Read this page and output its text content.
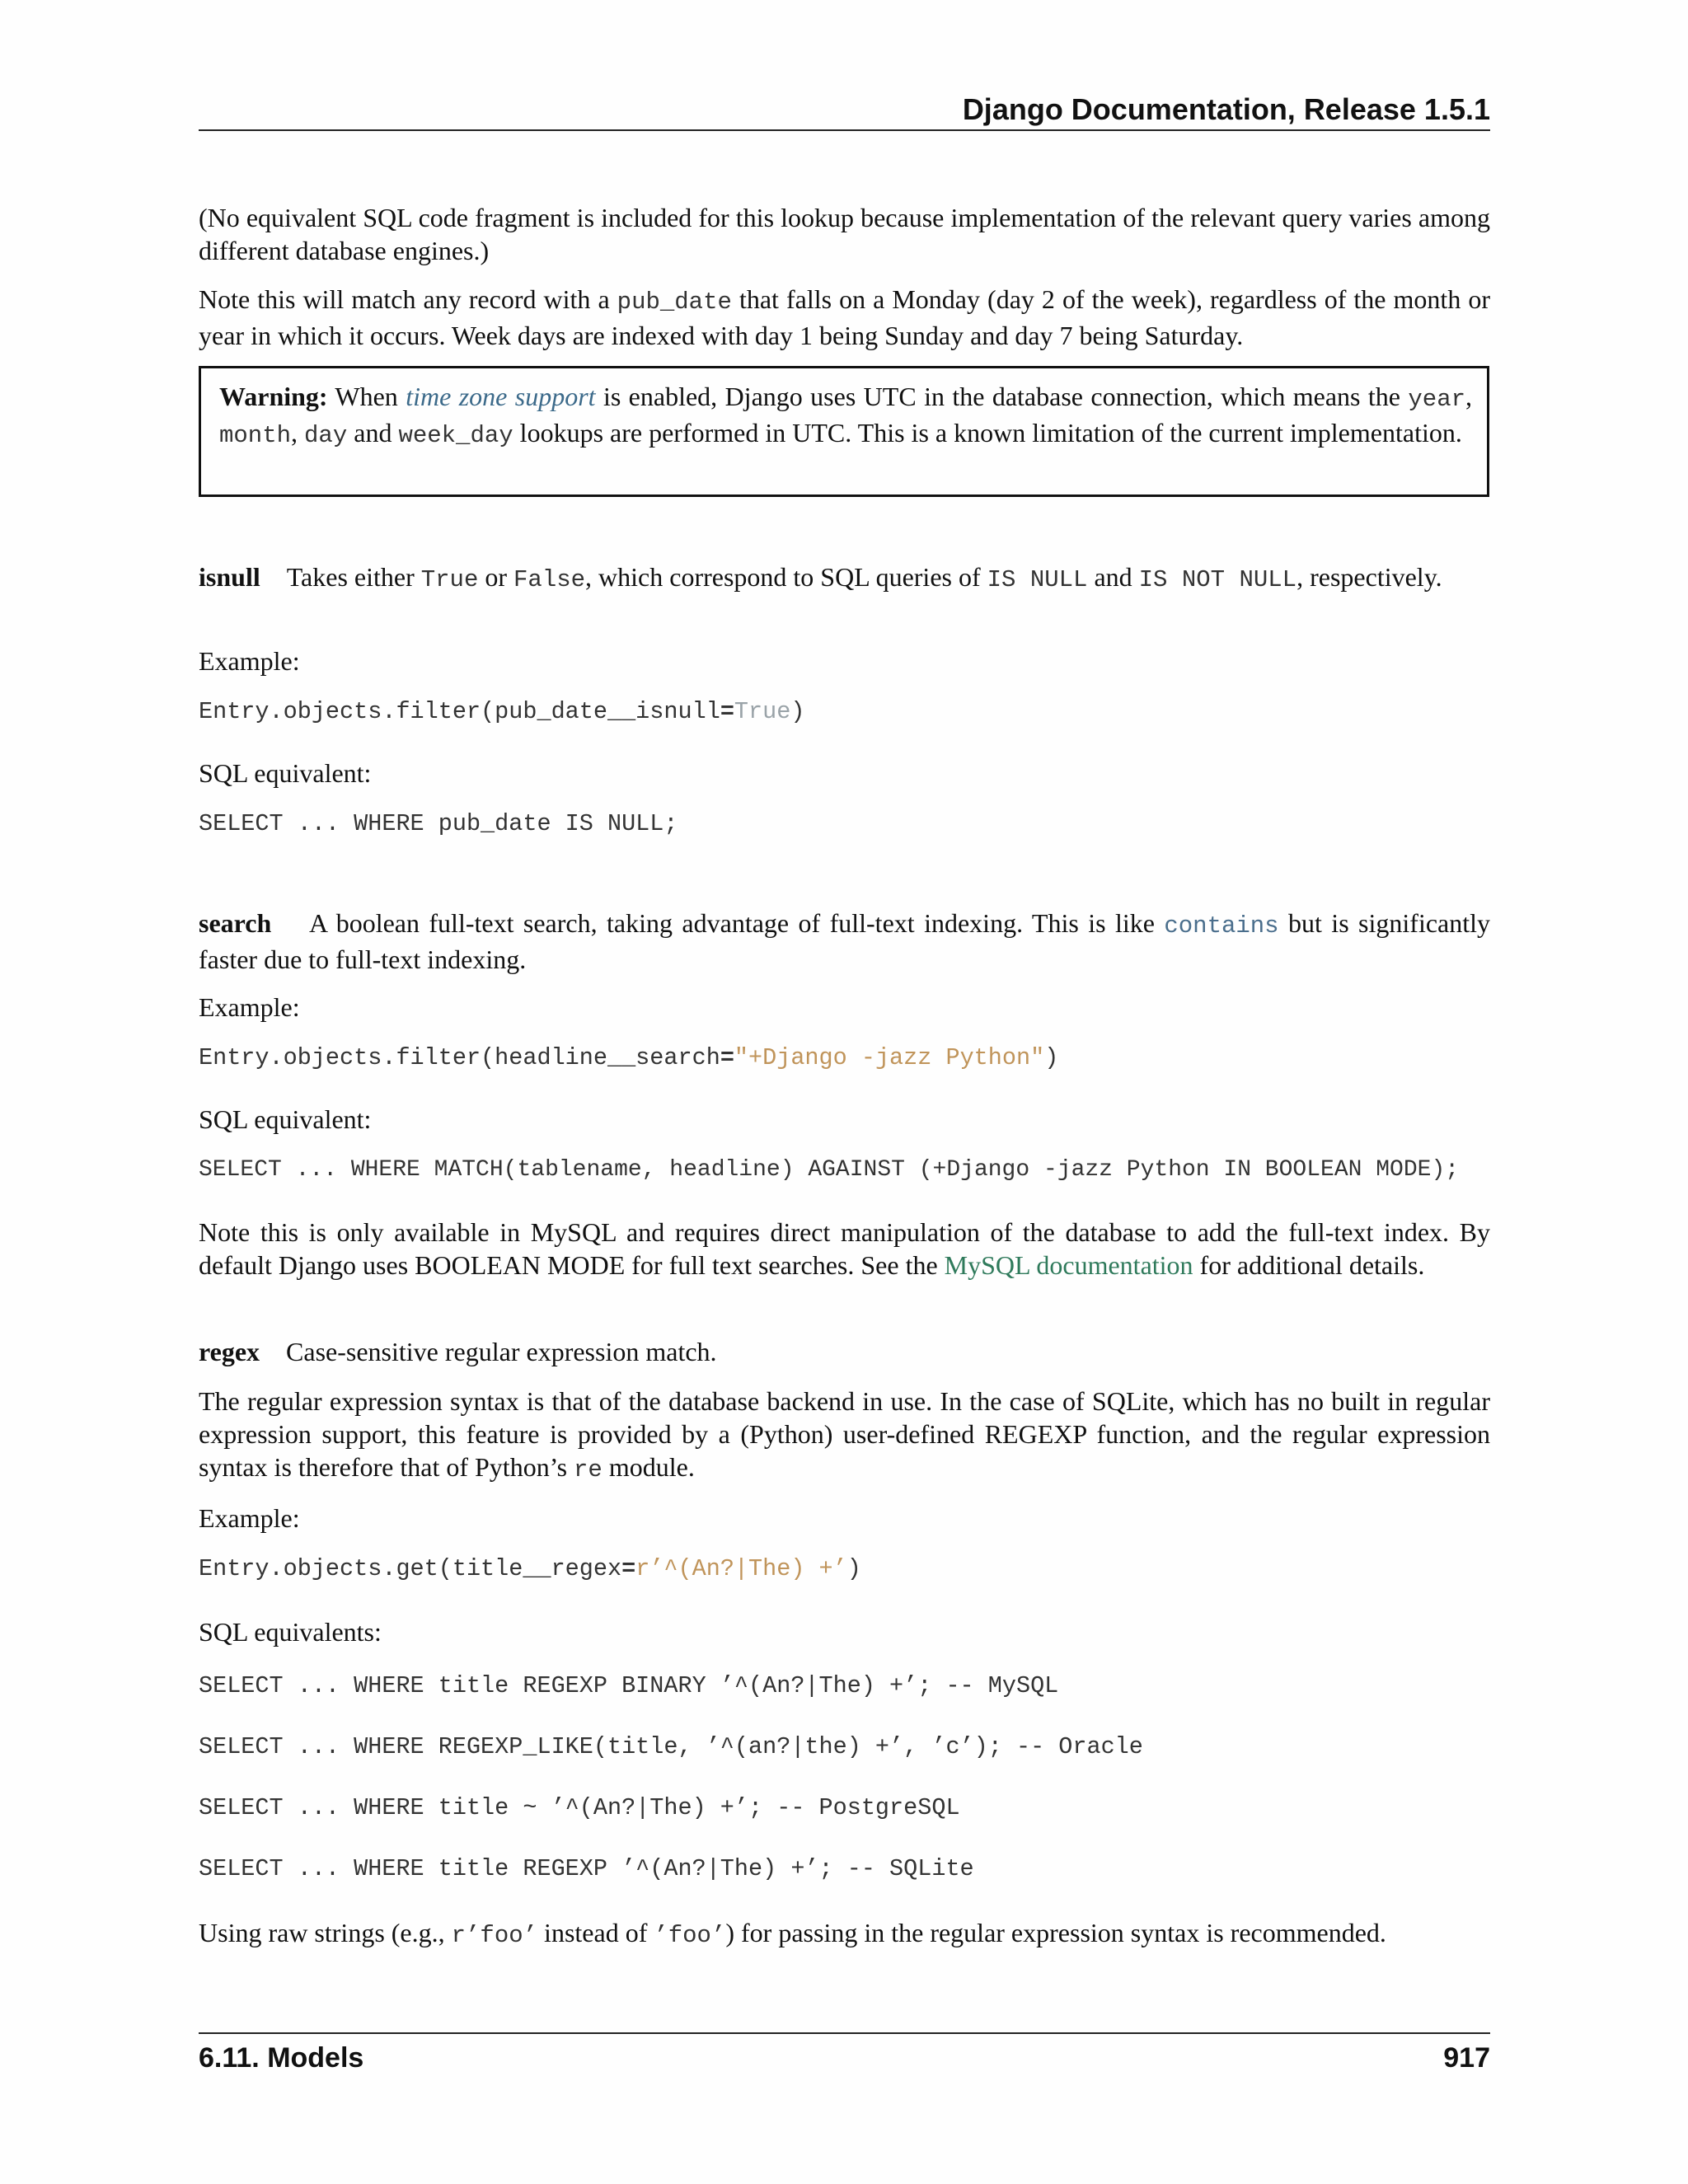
Django Documentation, Release 1.5.1
(No equivalent SQL code fragment is included for this lookup because implementation of the relevant query varies among different database engines.)
Note this will match any record with a pub_date that falls on a Monday (day 2 of the week), regardless of the month or year in which it occurs. Week days are indexed with day 1 being Sunday and day 7 being Saturday.
Warning: When time zone support is enabled, Django uses UTC in the database connection, which means the year, month, day and week_day lookups are performed in UTC. This is a known limitation of the current implementation.
isnull Takes either True or False, which correspond to SQL queries of IS NULL and IS NOT NULL, respectively.
Example:
Entry.objects.filter(pub_date__isnull=True)
SQL equivalent:
SELECT ... WHERE pub_date IS NULL;
search A boolean full-text search, taking advantage of full-text indexing. This is like contains but is significantly faster due to full-text indexing.
Example:
Entry.objects.filter(headline__search="+Django -jazz Python")
SQL equivalent:
SELECT ... WHERE MATCH(tablename, headline) AGAINST (+Django -jazz Python IN BOOLEAN MODE);
Note this is only available in MySQL and requires direct manipulation of the database to add the full-text index. By default Django uses BOOLEAN MODE for full text searches. See the MySQL documentation for additional details.
regex Case-sensitive regular expression match.
The regular expression syntax is that of the database backend in use. In the case of SQLite, which has no built in regular expression support, this feature is provided by a (Python) user-defined REGEXP function, and the regular expression syntax is therefore that of Python’s re module.
Example:
Entry.objects.get(title__regex=r’^(An?|The) +’)
SQL equivalents:
SELECT ... WHERE title REGEXP BINARY ’^(An?|The) +’; -- MySQL
SELECT ... WHERE REGEXP_LIKE(title, ’^(an?|the) +’, ’c’); -- Oracle
SELECT ... WHERE title ~ ’^(An?|The) +’; -- PostgreSQL
SELECT ... WHERE title REGEXP ’^(An?|The) +’; -- SQLite
Using raw strings (e.g., r’foo’ instead of ’foo’) for passing in the regular expression syntax is recommended.
6.11. Models	917
